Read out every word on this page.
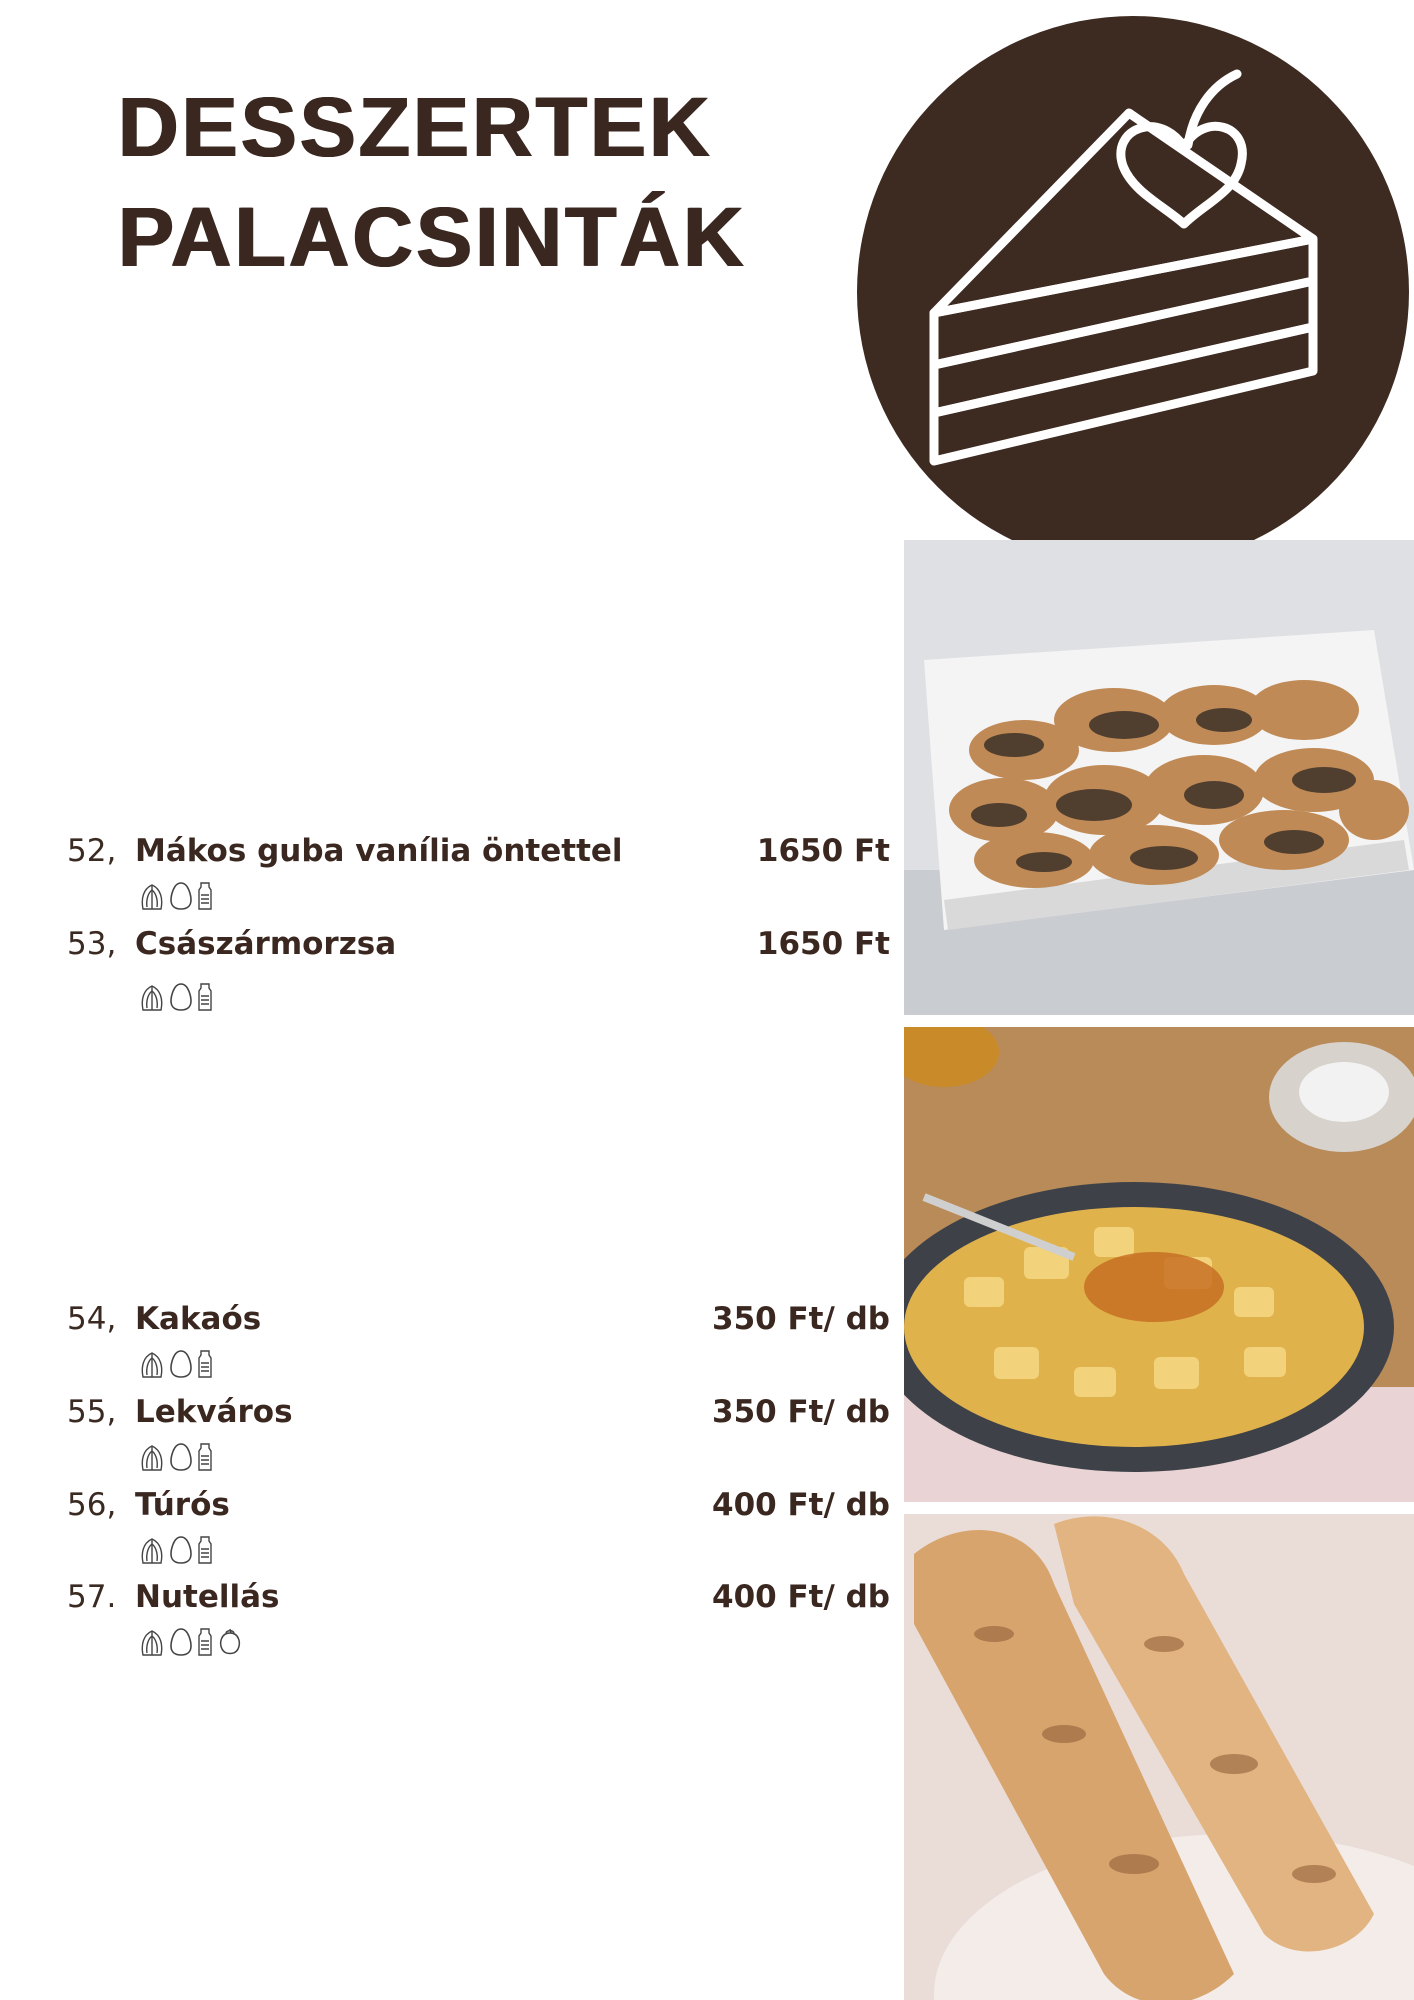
DESSZERTEK
PALACSINTÁK
52, Mákos guba vanília öntettel	1650 Ft
53, Császármorzsa	1650 Ft
54, Kakaós	350 Ft/ db
55, Lekváros	350 Ft/ db
56, Túrós	400 Ft/ db
57. Nutellás	400 Ft/ db
